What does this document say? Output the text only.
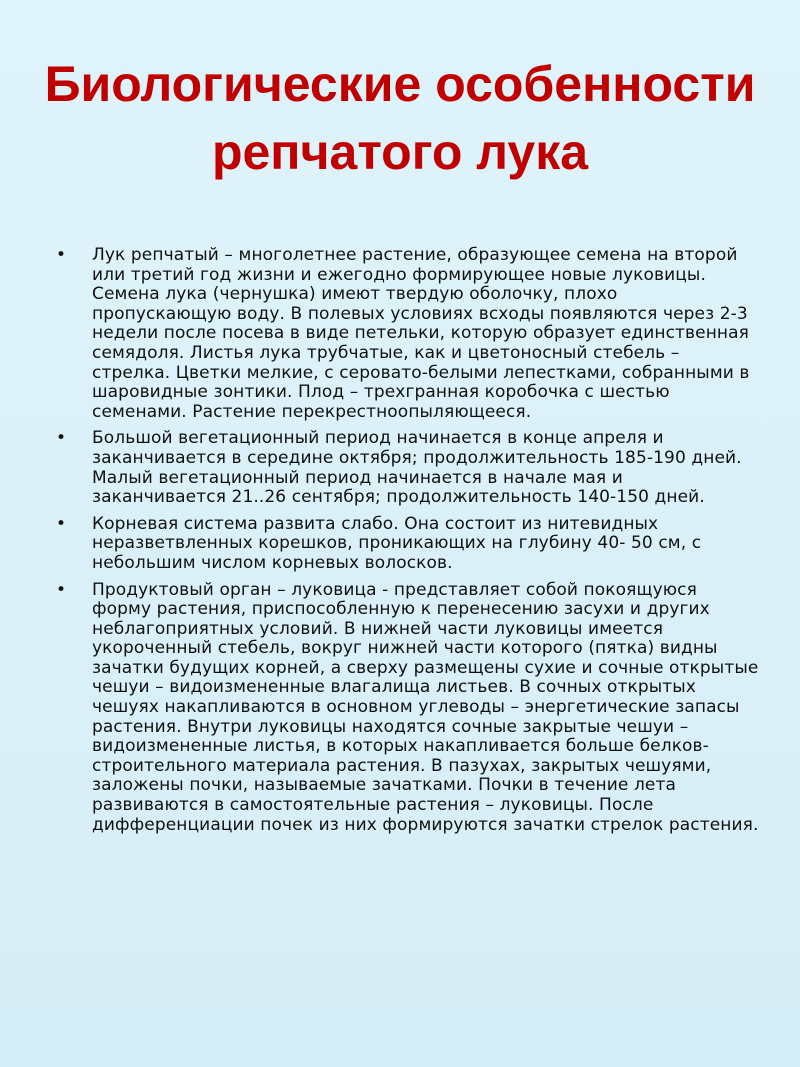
Биологические особенности репчатого лука
• Лук репчатый – многолетнее растение, образующее семена на второй или третий год жизни и ежегодно формирующее новые луковицы. Семена лука (чернушка) имеют твердую оболочку, плохо пропускающую воду. В полевых условиях всходы появляются через 2-3 недели после посева в виде петельки, которую образует единственная семядоля. Листья лука трубчатые, как и цветоносный стебель – стрелка. Цветки мелкие, с серовато-белыми лепестками, собранными в шаровидные зонтики. Плод – трехгранная коробочка с шестью семенами. Растение перекрестноопыляющееся.
• Большой вегетационный период начинается в конце апреля и заканчивается в середине октября; продолжительность 185-190 дней. Малый вегетационный период начинается в начале мая и заканчивается 21..26 сентября; продолжительность 140-150 дней.
• Корневая система развита слабо. Она состоит из нитевидных неразветвленных корешков, проникающих на глубину 40- 50 см, с небольшим числом корневых волосков.
• Продуктовый орган – луковица - представляет собой покоящуюся форму растения, приспособленную к перенесению засухи и других неблагоприятных условий. В нижней части луковицы имеется укороченный стебель, вокруг нижней части которого (пятка) видны зачатки будущих корней, а сверху размещены сухие и сочные открытые чешуи – видоизмененные влагалища листьев. В сочных открытых чешуях накапливаются в основном углеводы – энергетические запасы растения. Внутри луковицы находятся сочные закрытые чешуи – видоизмененные листья, в которых накапливается больше белков- строительного материала растения. В пазухах, закрытых чешуями, заложены почки, называемые зачатками. Почки в течение лета развиваются в самостоятельные растения – луковицы. После дифференциации почек из них формируются зачатки стрелок растения.
